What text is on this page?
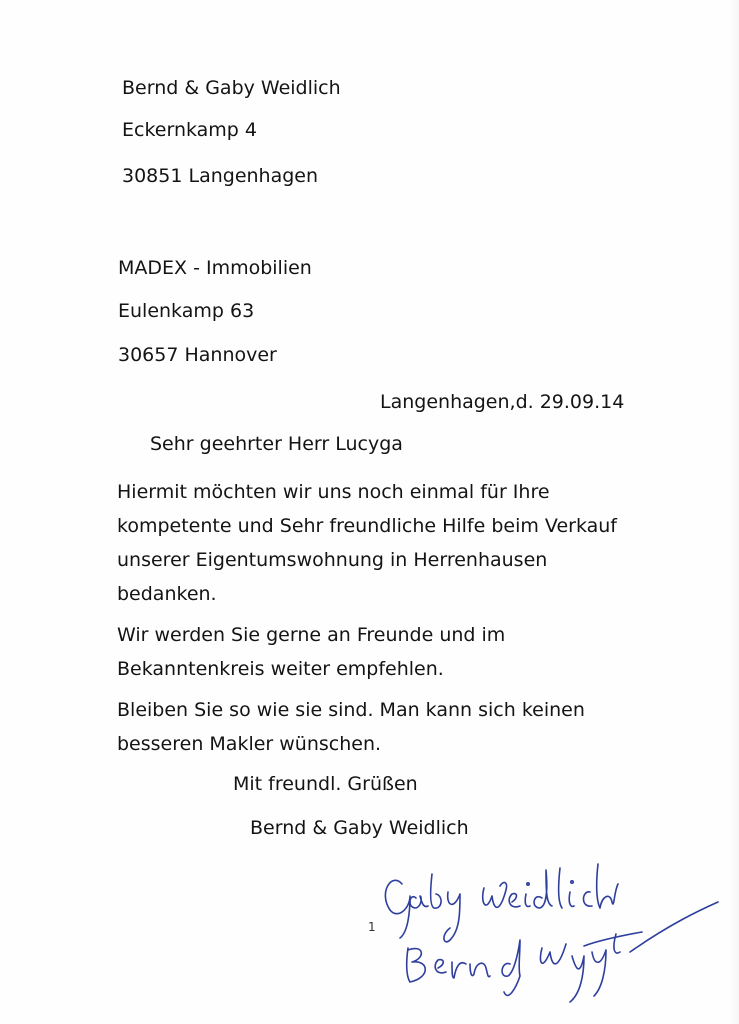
Bernd & Gaby Weidlich
Eckernkamp 4
30851 Langenhagen
MADEX - Immobilien
Eulenkamp 63
30657 Hannover
Langenhagen,d. 29.09.14
Sehr geehrter Herr Lucyga
Hiermit möchten wir uns noch einmal für Ihre
kompetente und Sehr freundliche Hilfe beim Verkauf
unserer Eigentumswohnung in Herrenhausen
bedanken.
Wir werden Sie gerne an Freunde und im
Bekanntenkreis weiter empfehlen.
Bleiben Sie so wie sie sind. Man kann sich keinen
besseren Makler wünschen.
Mit freundl. Grüßen
Bernd & Gaby Weidlich
1
